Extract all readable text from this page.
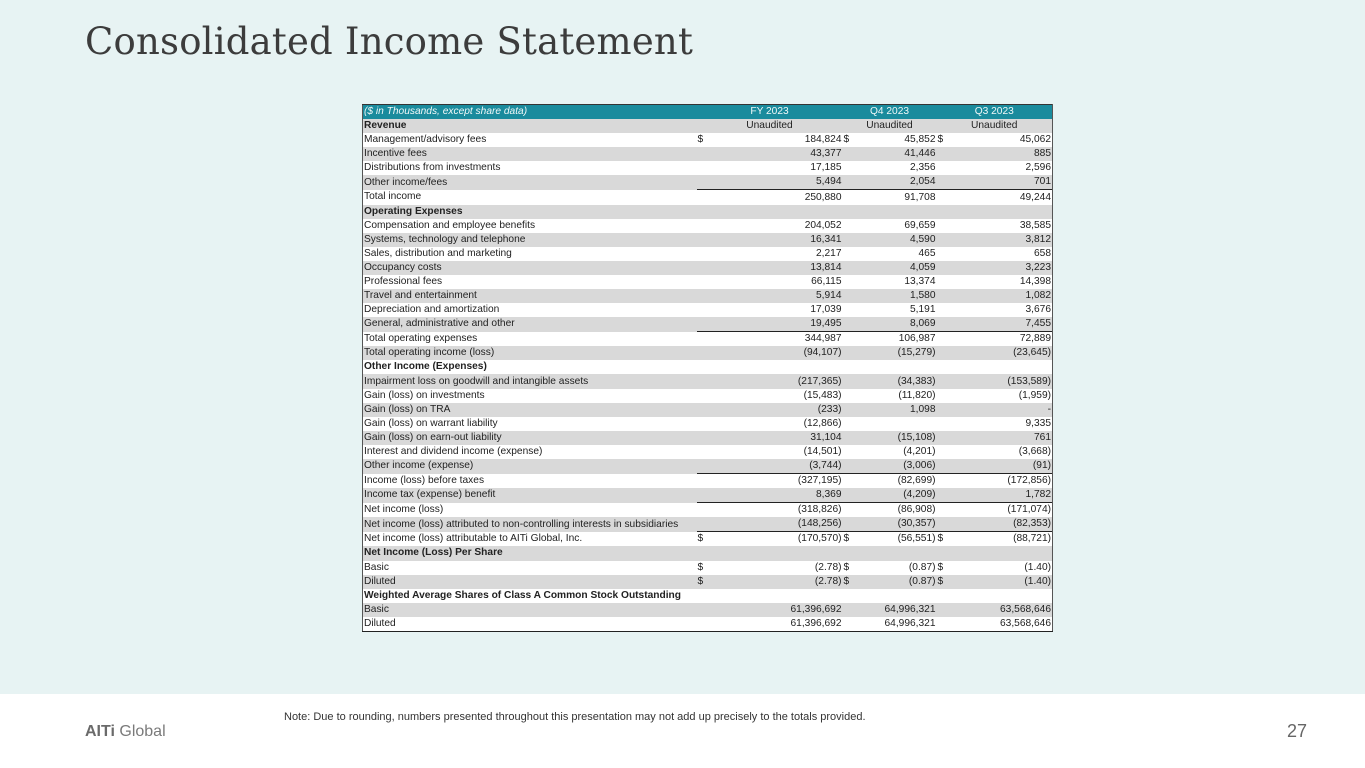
Consolidated Income Statement
($ in Thousands, except share data)	FY 2023		Q4 2023		Q3 2023	
Revenue	Unaudited		Unaudited		Unaudited	
Management/advisory fees	$	184,824	$	45,852	$	45,062
Incentive fees		43,377		41,446		885
Distributions from investments		17,185		2,356		2,596
Other income/fees		5,494		2,054		701
Total income		250,880		91,708		49,244
Operating Expenses						
Compensation and employee benefits		204,052		69,659		38,585
Systems, technology and telephone		16,341		4,590		3,812
Sales, distribution and marketing		2,217		465		658
Occupancy costs		13,814		4,059		3,223
Professional fees		66,115		13,374		14,398
Travel and entertainment		5,914		1,580		1,082
Depreciation and amortization		17,039		5,191		3,676
General, administrative and other		19,495		8,069		7,455
Total operating expenses		344,987		106,987		72,889
Total operating income (loss)		(94,107)		(15,279)		(23,645)
Other Income (Expenses)						
Impairment loss on goodwill and intangible assets		(217,365)		(34,383)		(153,589)
Gain (loss) on investments		(15,483)		(11,820)		(1,959)
Gain (loss) on TRA		(233)		1,098		-
Gain (loss) on warrant liability		(12,866)				9,335
Gain (loss) on earn-out liability		31,104		(15,108)		761
Interest and dividend income (expense)		(14,501)		(4,201)		(3,668)
Other income (expense)		(3,744)		(3,006)		(91)
Income (loss) before taxes		(327,195)		(82,699)		(172,856)
Income tax (expense) benefit		8,369		(4,209)		1,782
Net income (loss)		(318,826)		(86,908)		(171,074)
Net income (loss) attributed to non-controlling interests in subsidiaries		(148,256)		(30,357)		(82,353)
Net income (loss) attributable to AITi Global, Inc.	$	(170,570)	$	(56,551)	$	(88,721)
Net Income (Loss) Per Share						
Basic	$	(2.78)	$	(0.87)	$	(1.40)
Diluted	$	(2.78)	$	(0.87)	$	(1.40)
Weighted Average Shares of Class A Common Stock Outstanding						
Basic		61,396,692		64,996,321		63,568,646
Diluted		61,396,692		64,996,321		63,568,646
Note: Due to rounding, numbers presented throughout this presentation may not add up precisely to the totals provided.
AITi Global	27
